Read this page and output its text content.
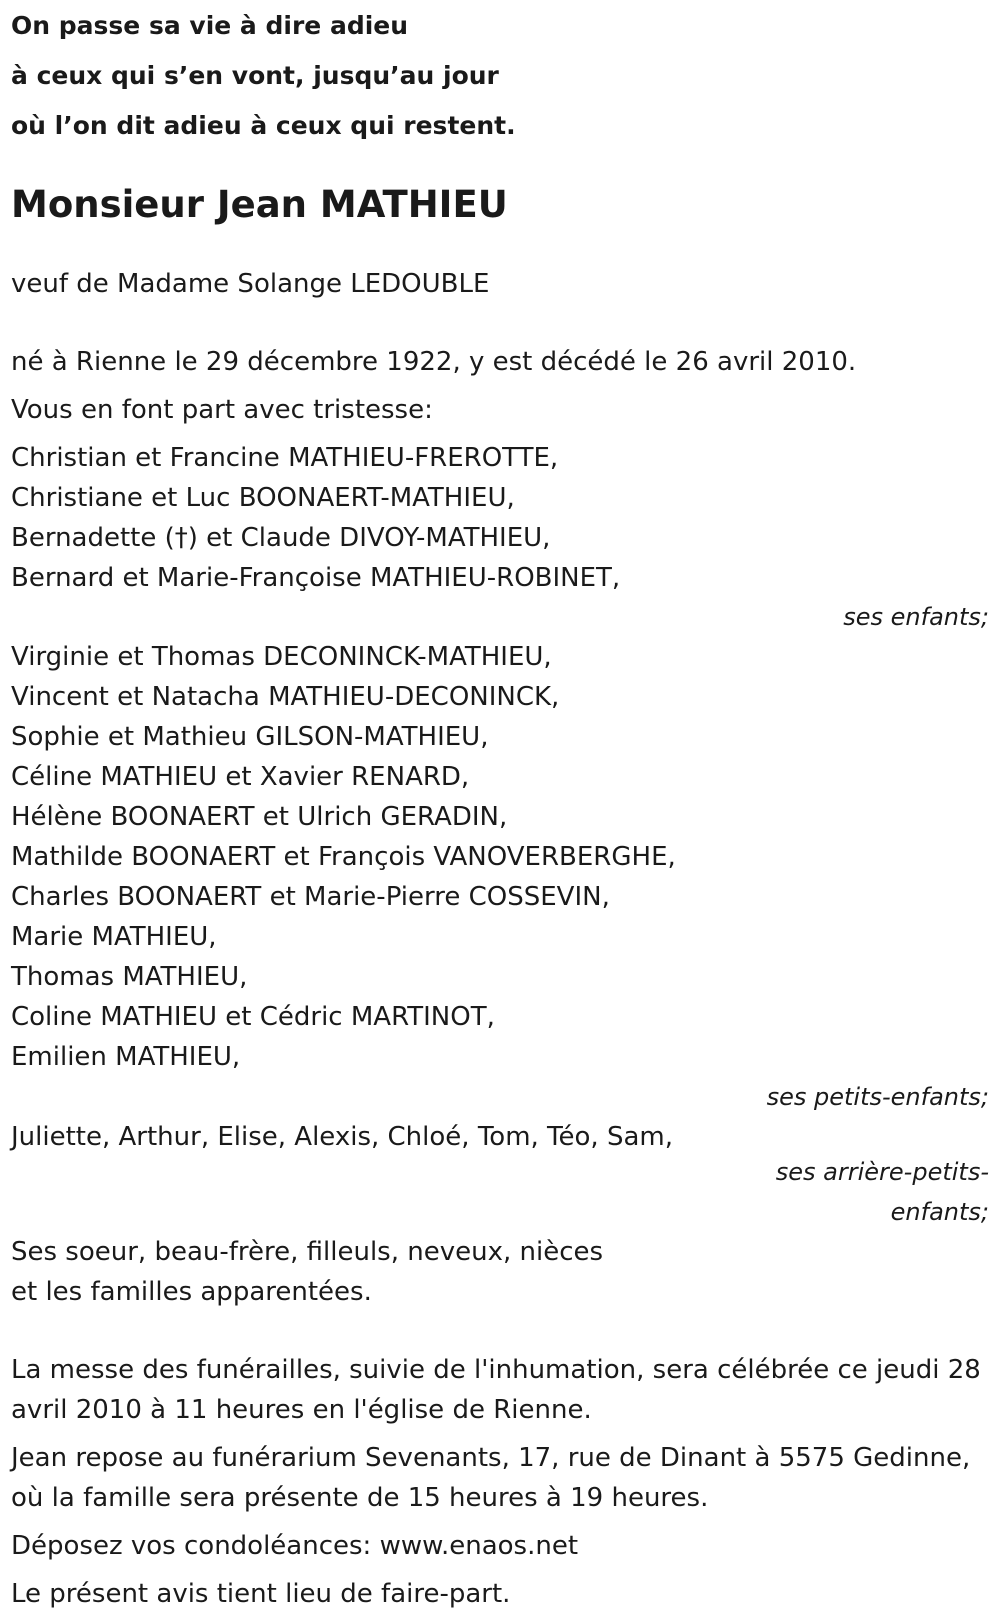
On passe sa vie à dire adieu
à ceux qui s’en vont, jusqu’au jour
où l’on dit adieu à ceux qui restent.
Monsieur Jean MATHIEU
veuf de Madame Solange LEDOUBLE
né à Rienne le 29 décembre 1922, y est décédé le 26 avril 2010.
Vous en font part avec tristesse:
Christian et Francine MATHIEU-FREROTTE,
Christiane et Luc BOONAERT-MATHIEU,
Bernadette (†) et Claude DIVOY-MATHIEU,
Bernard et Marie-Françoise MATHIEU-ROBINET,
ses enfants;
Virginie et Thomas DECONINCK-MATHIEU,
Vincent et Natacha MATHIEU-DECONINCK,
Sophie et Mathieu GILSON-MATHIEU,
Céline MATHIEU et Xavier RENARD,
Hélène BOONAERT et Ulrich GERADIN,
Mathilde BOONAERT et François VANOVERBERGHE,
Charles BOONAERT et Marie-Pierre COSSEVIN,
Marie MATHIEU,
Thomas MATHIEU,
Coline MATHIEU et Cédric MARTINOT,
Emilien MATHIEU,
ses petits-enfants;
Juliette, Arthur, Elise, Alexis, Chloé, Tom, Téo, Sam,
ses arrière-petits-
enfants;
Ses soeur, beau-frère, filleuls, neveux, nièces
et les familles apparentées.
La messe des funérailles, suivie de l'inhumation, sera célébrée ce jeudi 28 avril 2010 à 11 heures en l'église de Rienne.
Jean repose au funérarium Sevenants, 17, rue de Dinant à 5575 Gedinne, où la famille sera présente de 15 heures à 19 heures.
Déposez vos condoléances: www.enaos.net
Le présent avis tient lieu de faire-part.
